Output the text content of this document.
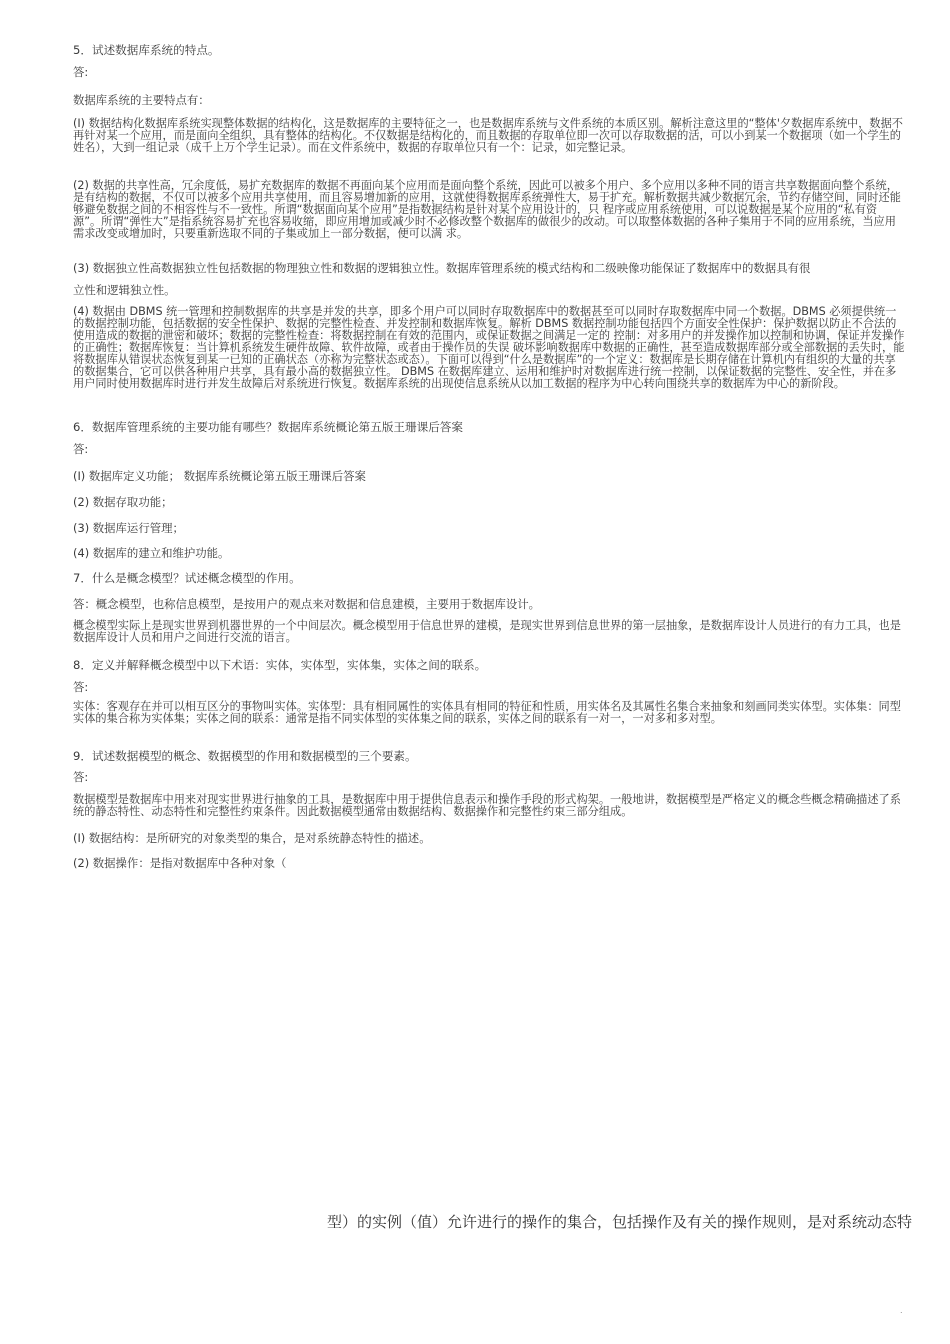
5．试述数据库系统的特点。

答:

数据库系统的主要特点有：

(Ⅰ) 数据结构化数据库系统实现整体数据的结构化，这是数据库的主要特征之一，也是数据库系统与文件系统的本质区别。解析注意这里的“整体'夕数据库系统中，数据不再针对某一个应用，而是面向全组织，具有整体的结构化。不仅数据是结构化的，而且数据的存取单位即一次可以存取数据的活，可以小到某一个数据项（如一个学生的姓名），大到一组记录（成千上万个学生记录）。而在文件系统中，数据的存取单位只有一个：记录，如完整记录。

(2) 数据的共享性高，冗余度低，易扩充数据库的数据不再面向某个应用而是面向整个系统，因此可以被多个用户、多个应用以多种不同的语言共享数据面向整个系统，是有结构的数据，不仅可以被多个应用共享使用，而且容易增加新的应用，这就使得数据库系统弹性大，易于扩充。解析数据共减少数据冗余，节约存储空间，同时还能够避免数据之间的不相容性与不一致性。所谓“数据面向某个应用”是指数据结构是针对某个应用设计的，只 程序或应用系统使用，可以说数据是某个应用的“私有资源”。所谓“弹性大”是指系统容易扩充也容易收缩，即应用增加或减少时不必修改整个数据库的做很少的改动。可以取整体数据的各种子集用于不同的应用系统，当应用需求改变或增加时，只要重新选取不同的子集或加上一部分数据，便可以满 求。

(3) 数据独立性高数据独立性包括数据的物理独立性和数据的逻辑独立性。数据库管理系统的模式结构和二级映像功能保证了数据库中的数据具有很

立性和逻辑独立性。

(4) 数据由 DBMS 统一管理和控制数据库的共享是并发的共享，即多个用户可以同时存取数据库中的数据甚至可以同时存取数据库中同一个数据。DBMS 必须提供统一的数据控制功能，包括数据的安全性保护、数据的完整性检查、并发控制和数据库恢复。解析 DBMS 数据控制功能包括四个方面安全性保护：保护数据以防止不合法的使用造成的数据的泄密和破坏；数据的完整性检查：将数据控制在有效的范围内，或保证数据之间满足一定的 控制：对多用户的并发操作加以控制和协调，保证并发操作的正确性；数据库恢复：当计算机系统发生硬件故障、软件故障，或者由于操作员的失误 破坏影响数据库中数据的正确性，甚至造成数据库部分或全部数据的丢失时，能将数据库从错误状态恢复到某一已知的正确状态（亦称为完整状态或态）。下面可以得到“什么是数据库”的一个定义：数据库是长期存储在计算机内有组织的大量的共享的数据集合，它可以供各种用户共享，具有最小高的数据独立性。 DBMS 在数据库建立、运用和维护时对数据库进行统一控制，以保证数据的完整性、安全性，并在多用户同时使用数据库时进行并发生故障后对系统进行恢复。数据库系统的出现使信息系统从以加工数据的程序为中心转向围绕共享的数据库为中心的新阶段。

6．数据库管理系统的主要功能有哪些？数据库系统概论第五版王珊课后答案

答:

(Ⅰ) 数据库定义功能； 数据库系统概论第五版王珊课后答案

(2) 数据存取功能；

(3) 数据库运行管理；

(4) 数据库的建立和维护功能。

7．什么是概念模型？试述概念模型的作用。

答：概念模型，也称信息模型，是按用户的观点来对数据和信息建模，主要用于数据库设计。

概念模型实际上是现实世界到机器世界的一个中间层次。概念模型用于信息世界的建模，是现实世界到信息世界的第一层抽象，是数据库设计人员进行的有力工具，也是数据库设计人员和用户之间进行交流的语言。

8．定义并解释概念模型中以下术语：实体，实体型，实体集，实体之间的联系。

答:

实体：客观存在并可以相互区分的事物叫实体。实体型：具有相同属性的实体具有相同的特征和性质，用实体名及其属性名集合来抽象和刻画同类实体型。实体集：同型实体的集合称为实体集；实体之间的联系：通常是指不同实体型的实体集之间的联系，实体之间的联系有一对一，一对多和多对型。

9．试述数据模型的概念、数据模型的作用和数据模型的三个要素。

答:

数据模型是数据库中用来对现实世界进行抽象的工具，是数据库中用于提供信息表示和操作手段的形式构架。一般地讲，数据模型是严格定义的概念些概念精确描述了系统的静态特性、动态特性和完整性约束条件。因此数据模型通常由数据结构、数据操作和完整性约束三部分组成。

(Ⅰ) 数据结构：是所研究的对象类型的集合，是对系统静态特性的描述。

(2) 数据操作：是指对数据库中各种对象（

型）的实例（值）允许进行的操作的集合，包括操作及有关的操作规则，是对系统动态特
.
